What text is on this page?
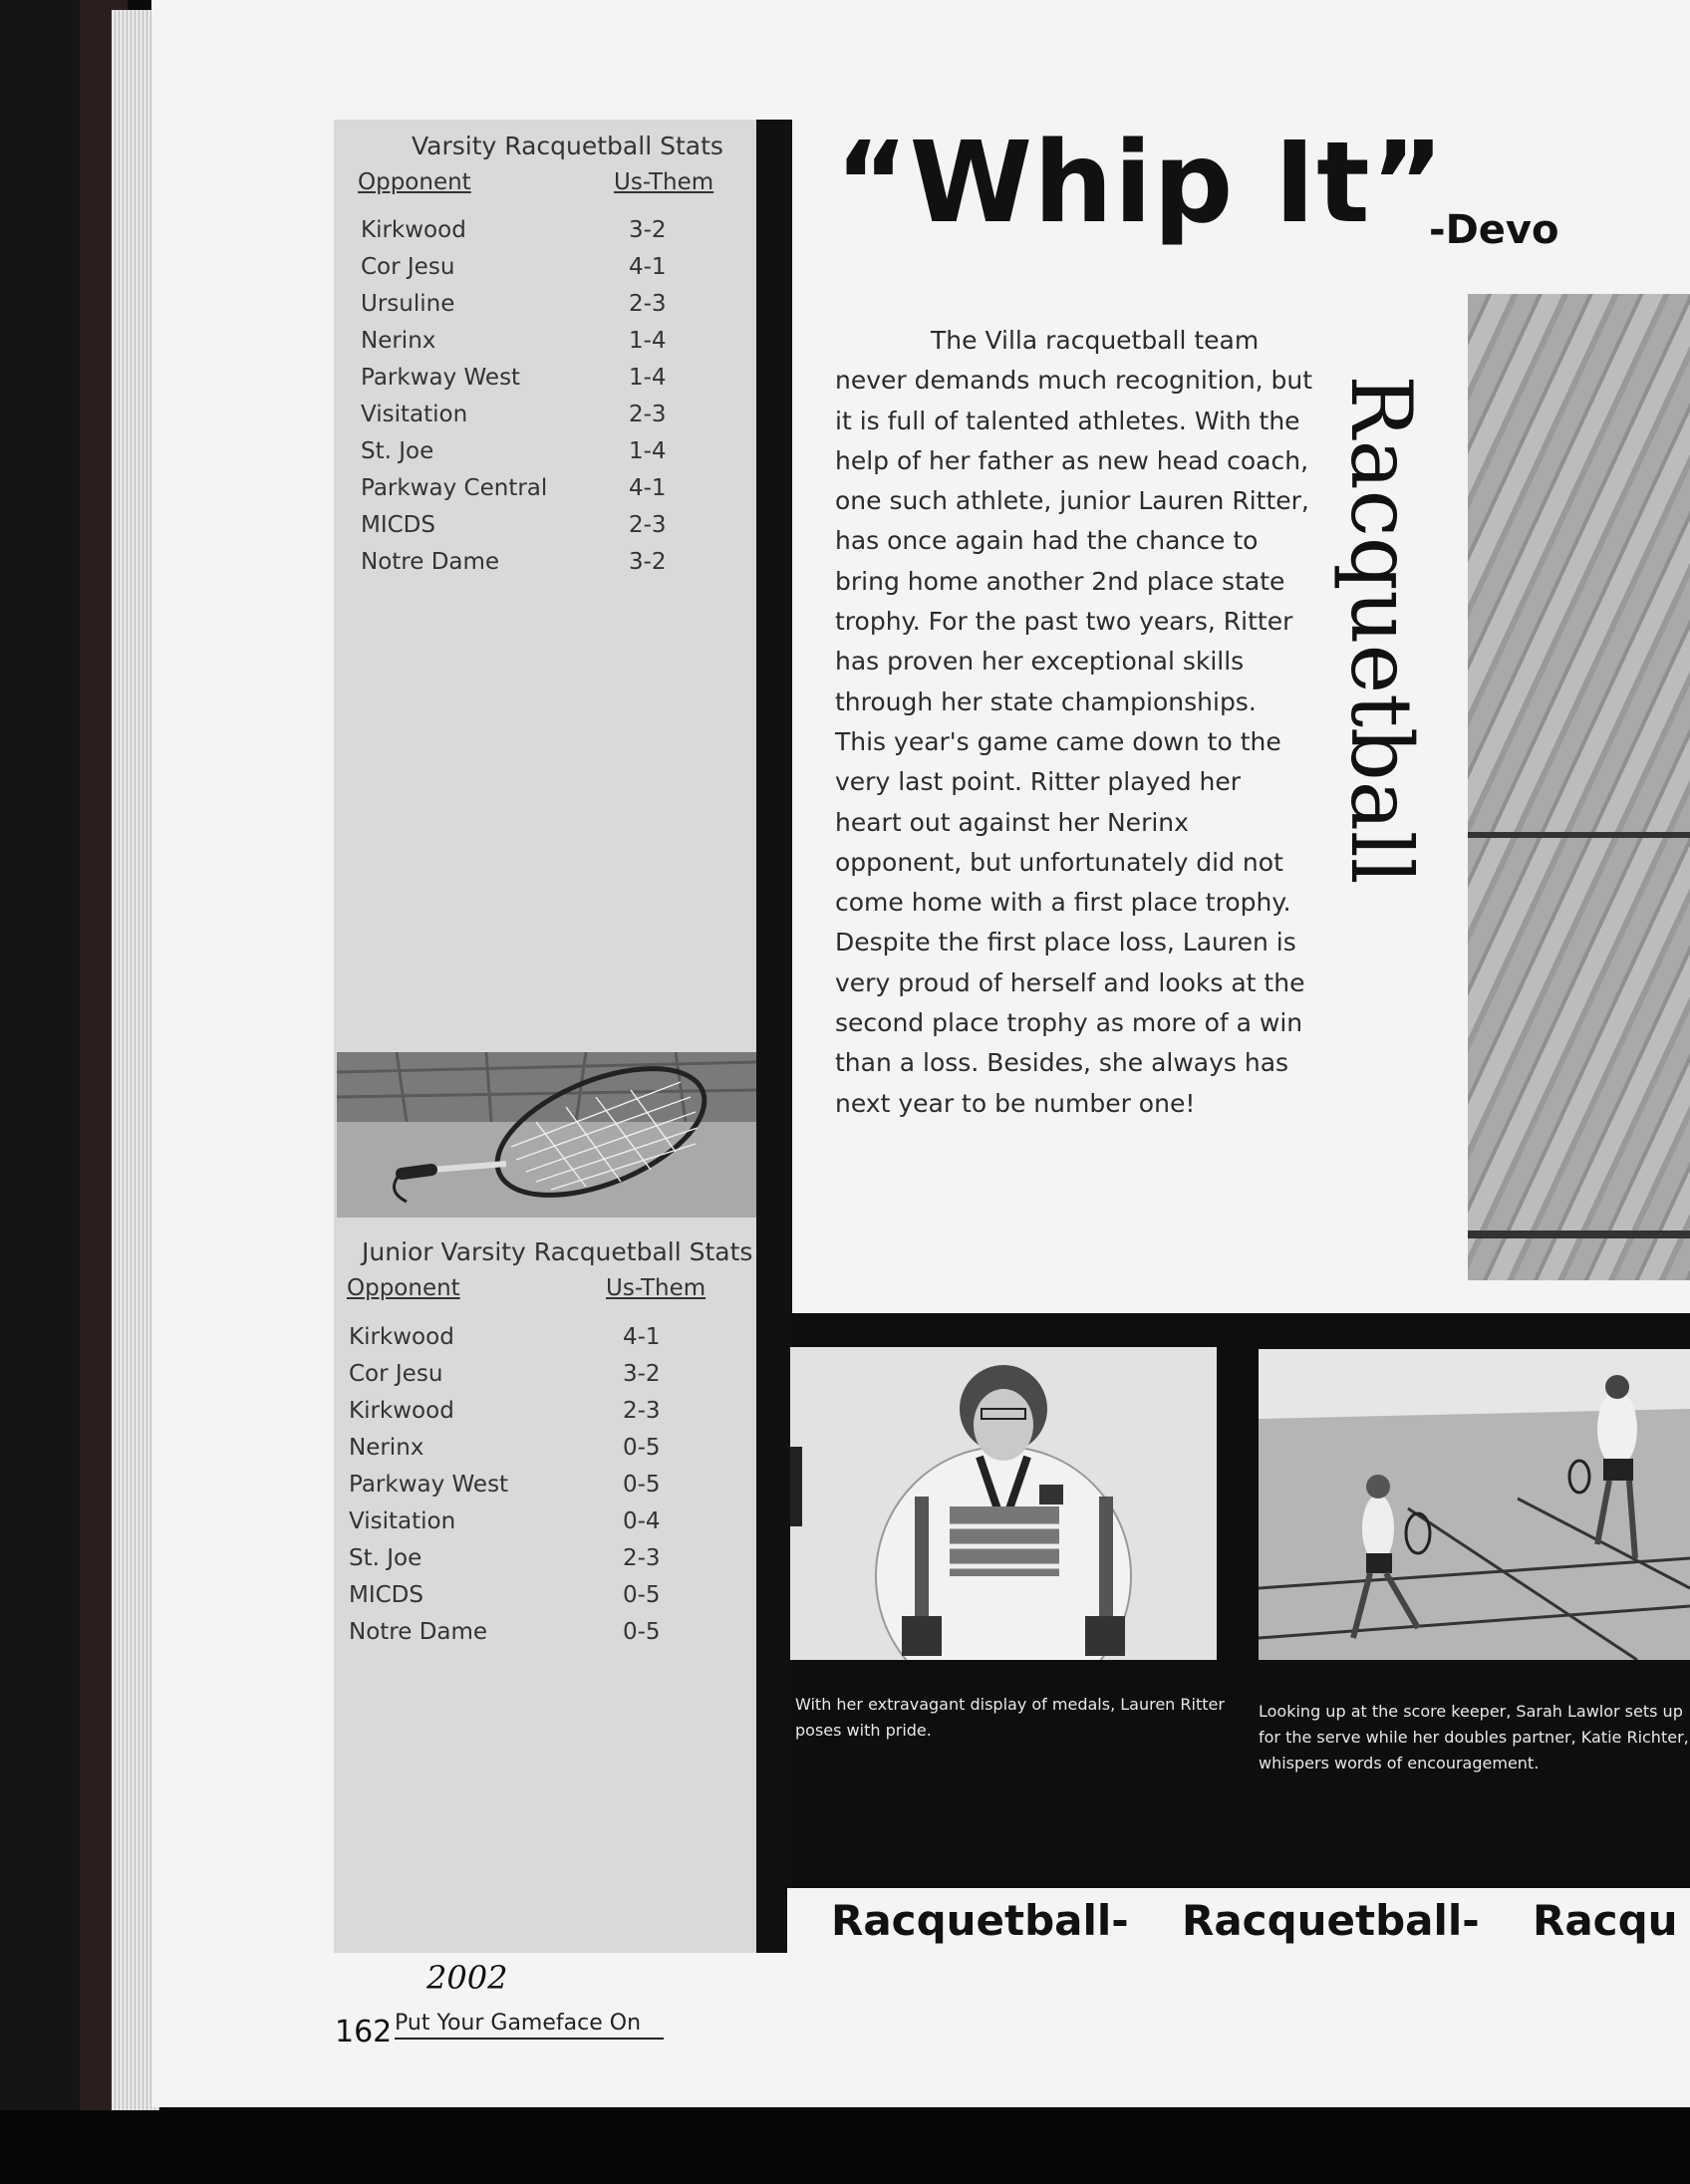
Varsity Racquetball Stats
Opponent	Us-Them
Kirkwood	3-2
Cor Jesu	4-1
Ursuline	2-3
Nerinx	1-4
Parkway West	1-4
Visitation	2-3
St. Joe	1-4
Parkway Central	4-1
MICDS	2-3
Notre Dame	3-2
Junior Varsity Racquetball Stats
Opponent	Us-Them
Kirkwood	4-1
Cor Jesu	3-2
Kirkwood	2-3
Nerinx	0-5
Parkway West	0-5
Visitation	0-4
St. Joe	2-3
MICDS	0-5
Notre Dame	0-5
“Whip It”
-Devo
The Villa racquetball team never demands much recognition, but it is full of talented athletes. With the help of her father as new head coach, one such athlete, junior Lauren Ritter, has once again had the chance to bring home another 2nd place state trophy. For the past two years, Ritter has proven her exceptional skills through her state championships. This year's game came down to the very last point. Ritter played her heart out against her Nerinx opponent, but unfortunately did not come home with a first place trophy. Despite the first place loss, Lauren is very proud of herself and looks at the second place trophy as more of a win than a loss. Besides, she always has next year to be number one!
Racquetball
With her extravagant display of medals, Lauren Ritter poses with pride.
Looking up at the score keeper, Sarah Lawlor sets up for the serve while her doubles partner, Katie Richter, whispers words of encouragement.
Racquetball- Racquetball- Racqu
2002
162 Put Your Gameface On
